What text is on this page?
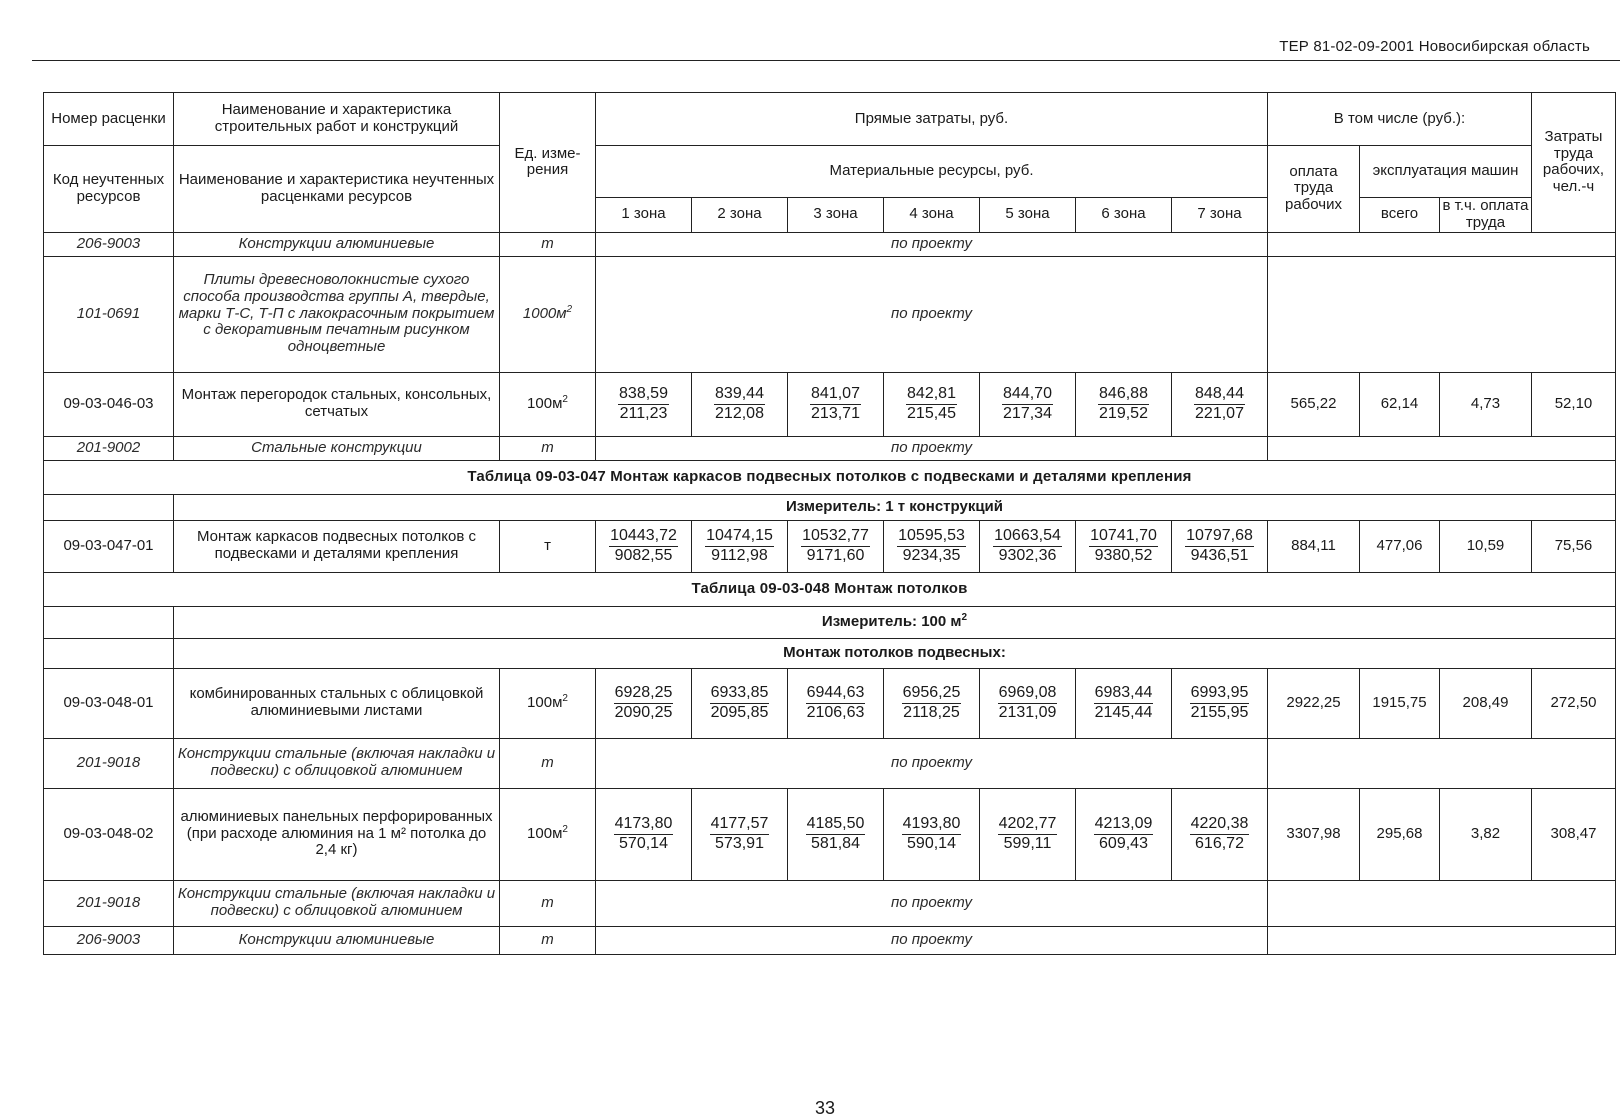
ТЕР 81-02-09-2001 Новосибирская область
Номер расценки	Наименование и характеристика строительных работ и конструкций	Ед. изме-рения	Прямые затраты, руб.							В том числе (руб.):			Затраты труда рабочих, чел.-ч
Код неучтенных ресурсов	Наименование и характеристика неучтенных расценками ресурсов		Материальные ресурсы, руб.							оплата труда рабочих	эксплуатация машин		
			1 зона	2 зона	3 зона	4 зона	5 зона	6 зона	7 зона		всего	в т.ч. оплата труда	
206-9003	Конструкции алюминиевые	т	по проекту										
101-0691	Плиты древесноволокнистые сухого способа производства группы А, твердые, марки Т-С, Т-П с лакокрасочным покрытием с декоративным печатным рисунком одноцветные	$1000м^2$	по проекту										
09-03-046-03	Монтаж перегородок стальных, консольных, сетчатых	$100м^2$	$\frac{838,59}{211,23}$	$\frac{839,44}{212,08}$	$\frac{841,07}{213,71}$	$\frac{842,81}{215,45}$	$\frac{844,70}{217,34}$	$\frac{846,88}{219,52}$	$\frac{848,44}{221,07}$	565,22	62,14	4,73	52,10
201-9002	Стальные конструкции	т	по проекту										
Таблица 09-03-047 Монтаж каркасов подвесных потолков с подвесками и деталями крепления													
	Измеритель: 1 т конструкций												
09-03-047-01	Монтаж каркасов подвесных потолков с подвесками и деталями крепления	т	$\frac{10443,72}{9082,55}$	$\frac{10474,15}{9112,98}$	$\frac{10532,77}{9171,60}$	$\frac{10595,53}{9234,35}$	$\frac{10663,54}{9302,36}$	$\frac{10741,70}{9380,52}$	$\frac{10797,68}{9436,51}$	884,11	477,06	10,59	75,56
Таблица 09-03-048 Монтаж потолков													
	Измеритель: 100 $м^2$
	Монтаж потолков подвесных:												
09-03-048-01	комбинированных стальных с облицовкой алюминиевыми листами	$100м^2$	$\frac{6928,25}{2090,25}$	$\frac{6933,85}{2095,85}$	$\frac{6944,63}{2106,63}$	$\frac{6956,25}{2118,25}$	$\frac{6969,08}{2131,09}$	$\frac{6983,44}{2145,44}$	$\frac{6993,95}{2155,95}$	2922,25	1915,75	208,49	272,50
201-9018	Конструкции стальные (включая накладки и подвески) с облицовкой алюминием	т	по проекту										
09-03-048-02	алюминиевых панельных перфорированных (при расходе алюминия на 1 м² потолка до 2,4 кг)	$100м^2$	$\frac{4173,80}{570,14}$	$\frac{4177,57}{573,91}$	$\frac{4185,50}{581,84}$	$\frac{4193,80}{590,14}$	$\frac{4202,77}{599,11}$	$\frac{4213,09}{609,43}$	$\frac{4220,38}{616,72}$	3307,98	295,68	3,82	308,47
201-9018	Конструкции стальные (включая накладки и подвески) с облицовкой алюминием	т	по проекту										
206-9003	Конструкции алюминиевые	т	по проекту										
33
